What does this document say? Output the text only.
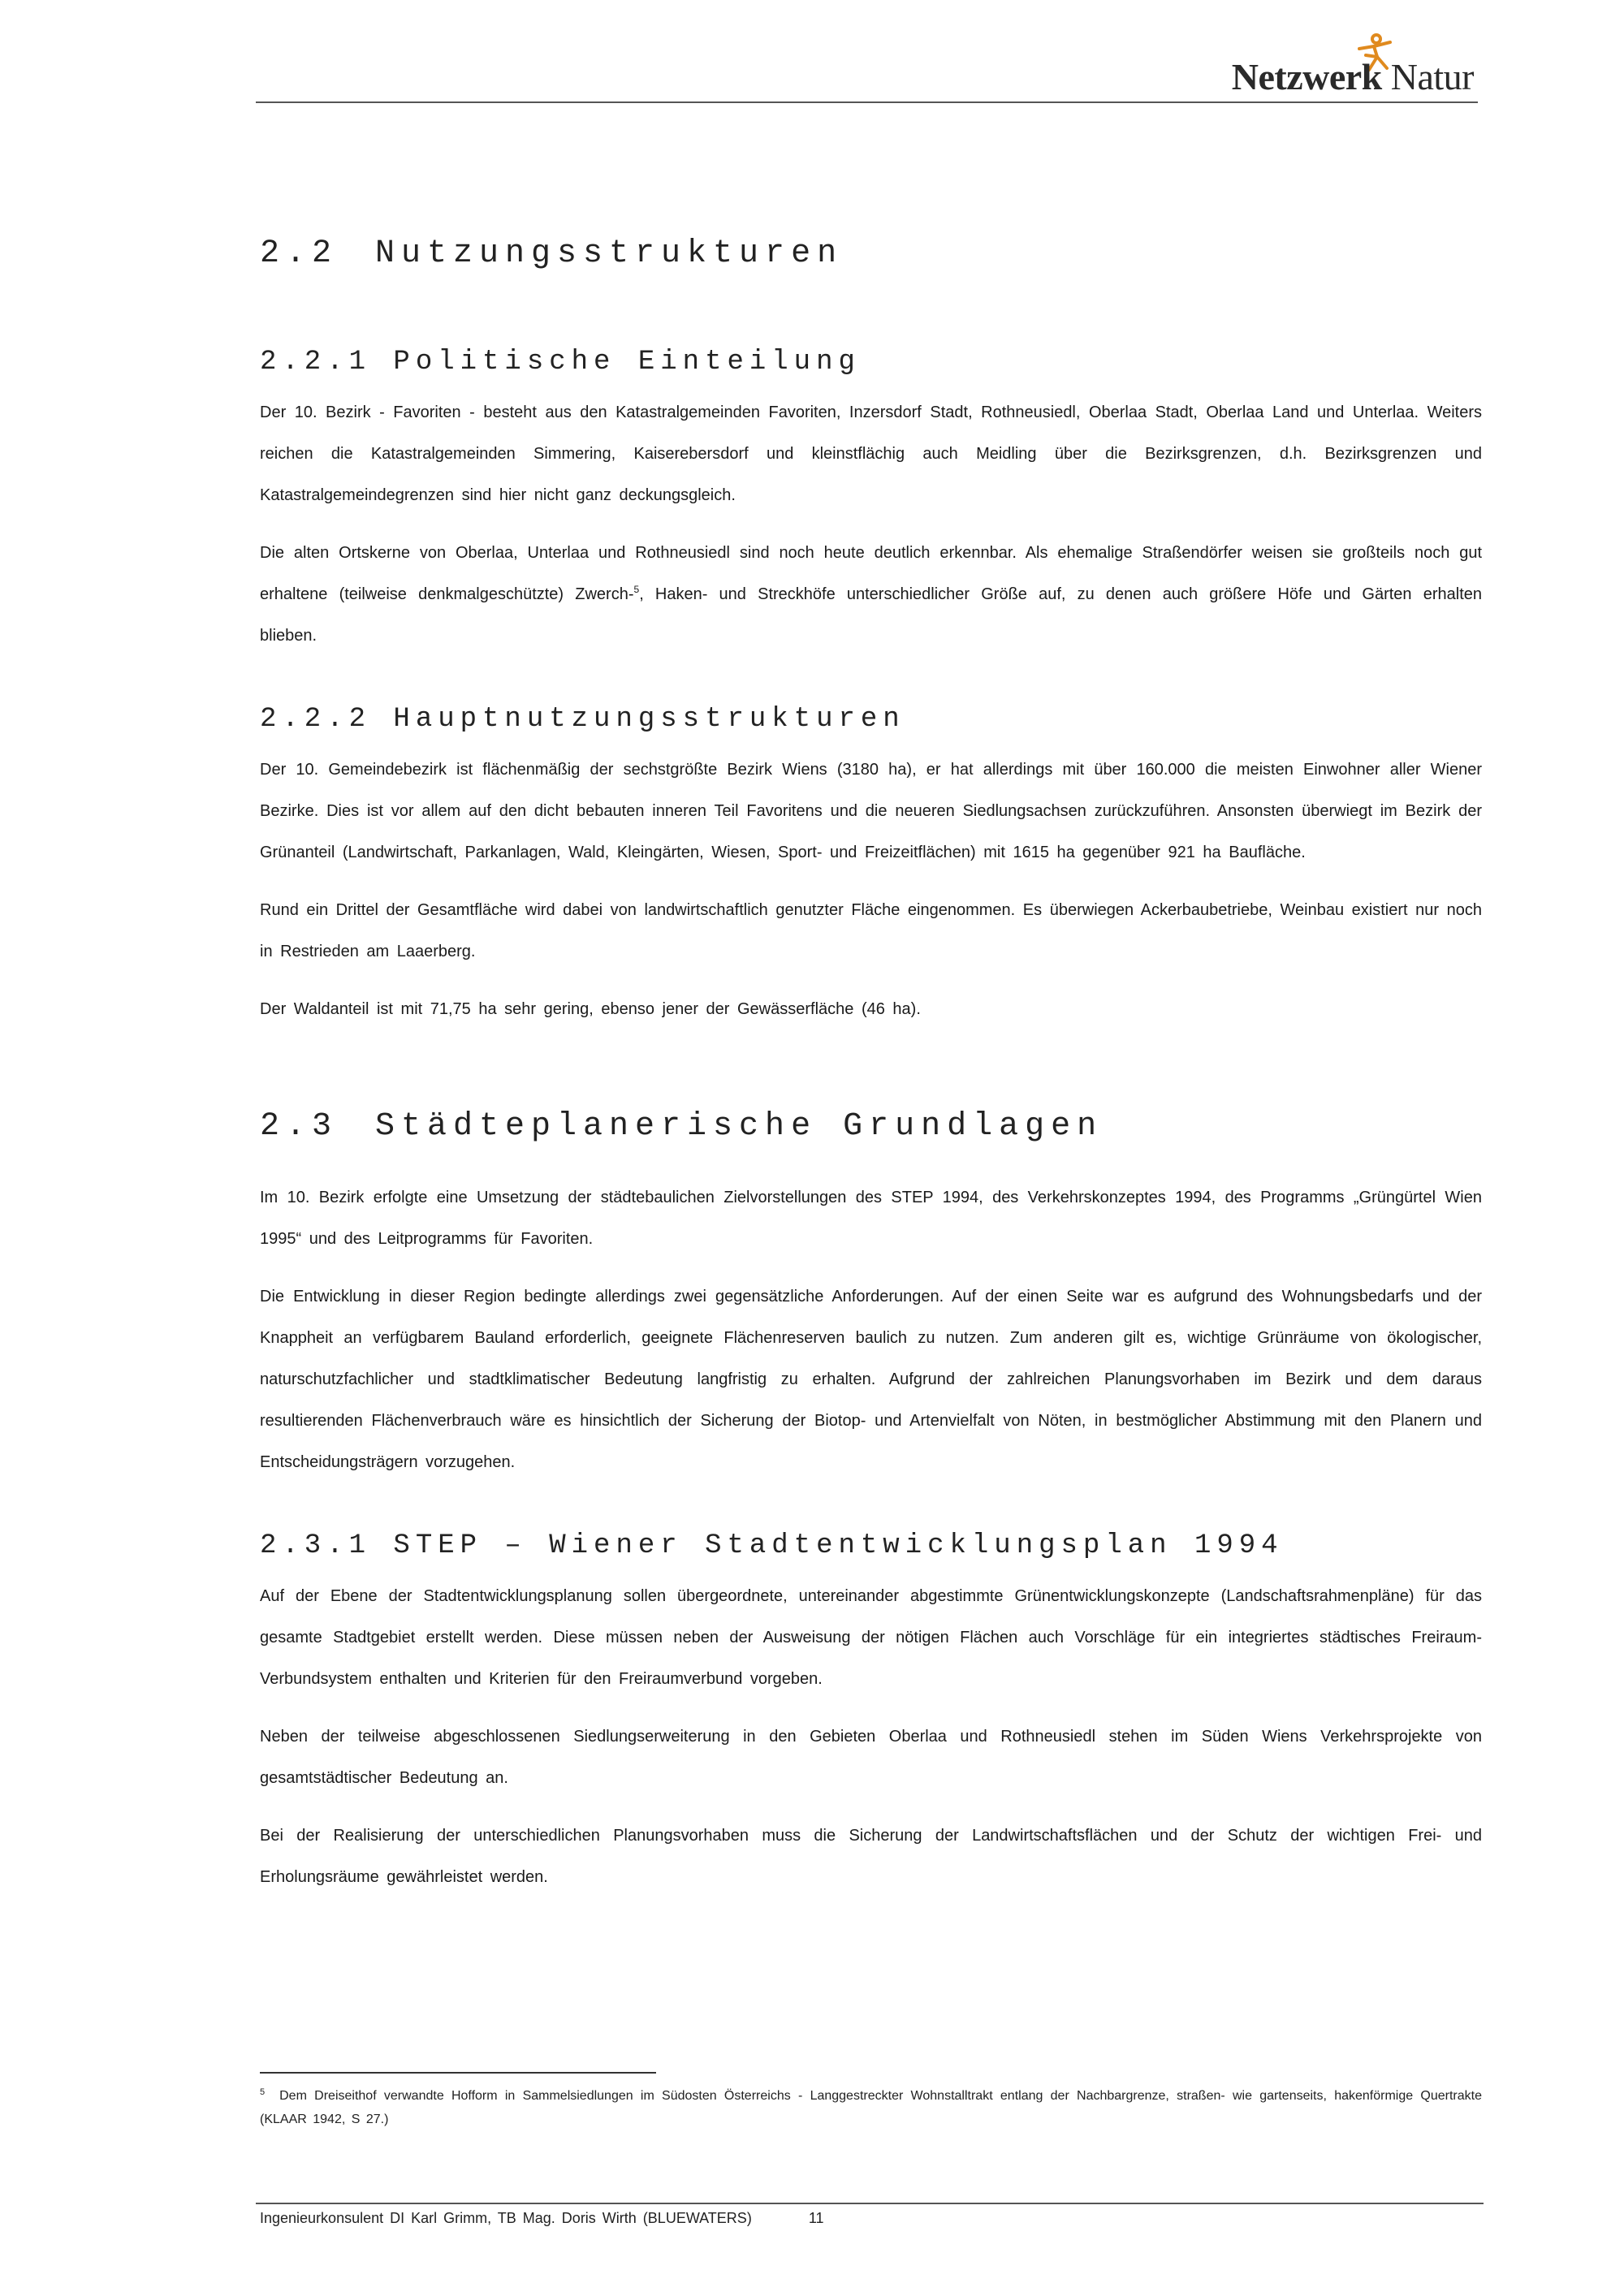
Netzwerk Natur
2.2 Nutzungsstrukturen
2.2.1 Politische Einteilung

Der 10. Bezirk - Favoriten - besteht aus den Katastralgemeinden Favoriten, Inzersdorf Stadt, Rothneusiedl, Oberlaa Stadt, Oberlaa Land und Unterlaa. Weiters reichen die Katastralgemeinden Simmering, Kaiserebersdorf und kleinstflächig auch Meidling über die Bezirksgrenzen, d.h. Bezirksgrenzen und Katastralgemeindegrenzen sind hier nicht ganz deckungsgleich.

Die alten Ortskerne von Oberlaa, Unterlaa und Rothneusiedl sind noch heute deutlich erkennbar. Als ehemalige Straßendörfer weisen sie großteils noch gut erhaltene (teilweise denkmalgeschützte) Zwerch-$^5$, Haken- und Streckhöfe unterschiedlicher Größe auf, zu denen auch größere Höfe und Gärten erhalten blieben.

2.2.2 Hauptnutzungsstrukturen

Der 10. Gemeindebezirk ist flächenmäßig der sechstgrößte Bezirk Wiens (3180 ha), er hat allerdings mit über 160.000 die meisten Einwohner aller Wiener Bezirke. Dies ist vor allem auf den dicht bebauten inneren Teil Favoritens und die neueren Siedlungsachsen zurückzuführen. Ansonsten überwiegt im Bezirk der Grünanteil (Landwirtschaft, Parkanlagen, Wald, Kleingärten, Wiesen, Sport- und Freizeitflächen) mit 1615 ha gegenüber 921 ha Baufläche.

Rund ein Drittel der Gesamtfläche wird dabei von landwirtschaftlich genutzter Fläche eingenommen. Es überwiegen Ackerbaubetriebe, Weinbau existiert nur noch in Restrieden am Laaerberg.

Der Waldanteil ist mit 71,75 ha sehr gering, ebenso jener der Gewässerfläche (46 ha).

2.3 Städteplanerische Grundlagen

Im 10. Bezirk erfolgte eine Umsetzung der städtebaulichen Zielvorstellungen des STEP 1994, des Verkehrskonzeptes 1994, des Programms „Grüngürtel Wien 1995“ und des Leitprogramms für Favoriten.

Die Entwicklung in dieser Region bedingte allerdings zwei gegensätzliche Anforderungen. Auf der einen Seite war es aufgrund des Wohnungsbedarfs und der Knappheit an verfügbarem Bauland erforderlich, geeignete Flächenreserven baulich zu nutzen. Zum anderen gilt es, wichtige Grünräume von ökologischer, naturschutzfachlicher und stadtklimatischer Bedeutung langfristig zu erhalten. Aufgrund der zahlreichen Planungsvorhaben im Bezirk und dem daraus resultierenden Flächenverbrauch wäre es hinsichtlich der Sicherung der Biotop- und Artenvielfalt von Nöten, in bestmöglicher Abstimmung mit den Planern und Entscheidungsträgern vorzugehen.

2.3.1 STEP – Wiener Stadtentwicklungsplan 1994

Auf der Ebene der Stadtentwicklungsplanung sollen übergeordnete, untereinander abgestimmte Grünentwicklungskonzepte (Landschaftsrahmenpläne) für das gesamte Stadtgebiet erstellt werden. Diese müssen neben der Ausweisung der nötigen Flächen auch Vorschläge für ein integriertes städtisches Freiraum-Verbundsystem enthalten und Kriterien für den Freiraumverbund vorgeben.

Neben der teilweise abgeschlossenen Siedlungserweiterung in den Gebieten Oberlaa und Rothneusiedl stehen im Süden Wiens Verkehrsprojekte von gesamtstädtischer Bedeutung an.

Bei der Realisierung der unterschiedlichen Planungsvorhaben muss die Sicherung der Landwirtschaftsflächen und der Schutz der wichtigen Frei- und Erholungsräume gewährleistet werden.

$^5$ Dem Dreiseithof verwandte Hofform in Sammelsiedlungen im Südosten Österreichs - Langgestreckter Wohnstalltrakt entlang der Nachbargrenze, straßen- wie gartenseits, hakenförmige Quertrakte (KLAAR 1942, S 27.)
Ingenieurkonsulent DI Karl Grimm, TB Mag. Doris Wirth (BLUEWATERS)	11
